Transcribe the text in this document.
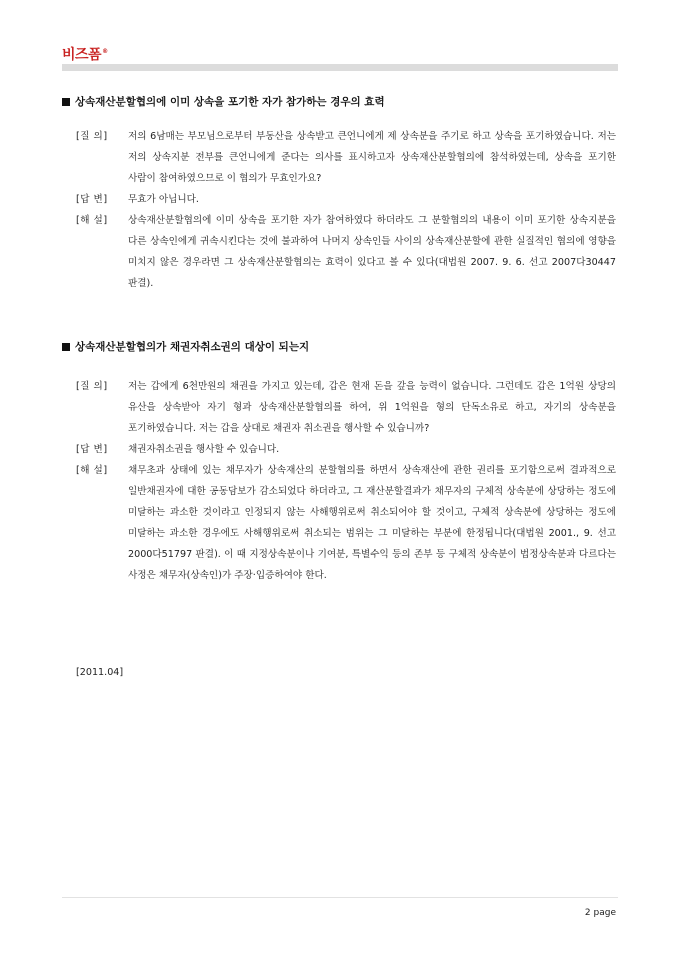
비즈폼®
상속재산분할협의에 이미 상속을 포기한 자가 참가하는 경우의 효력
[질 의]	저의 6남매는 부모님으로부터 부동산을 상속받고 큰언니에게 제 상속분을 주기로 하고 상속을 포기하였습니다. 저는 저의 상속지분 전부를 큰언니에게 준다는 의사를 표시하고자 상속재산분할협의에 참석하였는데, 상속을 포기한 사람이 참여하였으므로 이 협의가 무효인가요?
[답 변]	무효가 아닙니다.
[해 설]	상속재산분할협의에 이미 상속을 포기한 자가 참여하였다 하더라도 그 분할협의의 내용이 이미 포기한 상속지분을 다른 상속인에게 귀속시킨다는 것에 불과하여 나머지 상속인들 사이의 상속재산분할에 관한 실질적인 협의에 영향을 미치지 않은 경우라면 그 상속재산분할협의는 효력이 있다고 볼 수 있다(대법원 2007. 9. 6. 선고 2007다30447 판결).
상속재산분할협의가 채권자취소권의 대상이 되는지
[질 의]	저는 갑에게 6천만원의 채권을 가지고 있는데, 갑은 현재 돈을 갚을 능력이 없습니다. 그런데도 갑은 1억원 상당의 유산을 상속받아 자기 형과 상속재산분할협의를 하여, 위 1억원을 형의 단독소유로 하고, 자기의 상속분을 포기하였습니다. 저는 갑을 상대로 채권자 취소권을 행사할 수 있습니까?
[답 변]	채권자취소권을 행사할 수 있습니다.
[해 설]	채무초과 상태에 있는 채무자가 상속재산의 분할협의를 하면서 상속재산에 관한 권리를 포기함으로써 결과적으로 일반채권자에 대한 공동담보가 감소되었다 하더라고, 그 재산분할결과가 채무자의 구체적 상속분에 상당하는 정도에 미달하는 과소한 것이라고 인정되지 않는 사해행위로써 취소되어야 할 것이고, 구체적 상속분에 상당하는 정도에 미달하는 과소한 경우에도 사해행위로써 취소되는 범위는 그 미달하는 부분에 한정됩니다(대법원 2001., 9. 선고 2000다51797 판결). 이 때 지정상속분이나 기여분, 특별수익 등의 존부 등 구체적 상속분이 법정상속분과 다르다는 사정은 채무자(상속인)가 주장·입증하여야 한다.
[2011.04]
2 page
